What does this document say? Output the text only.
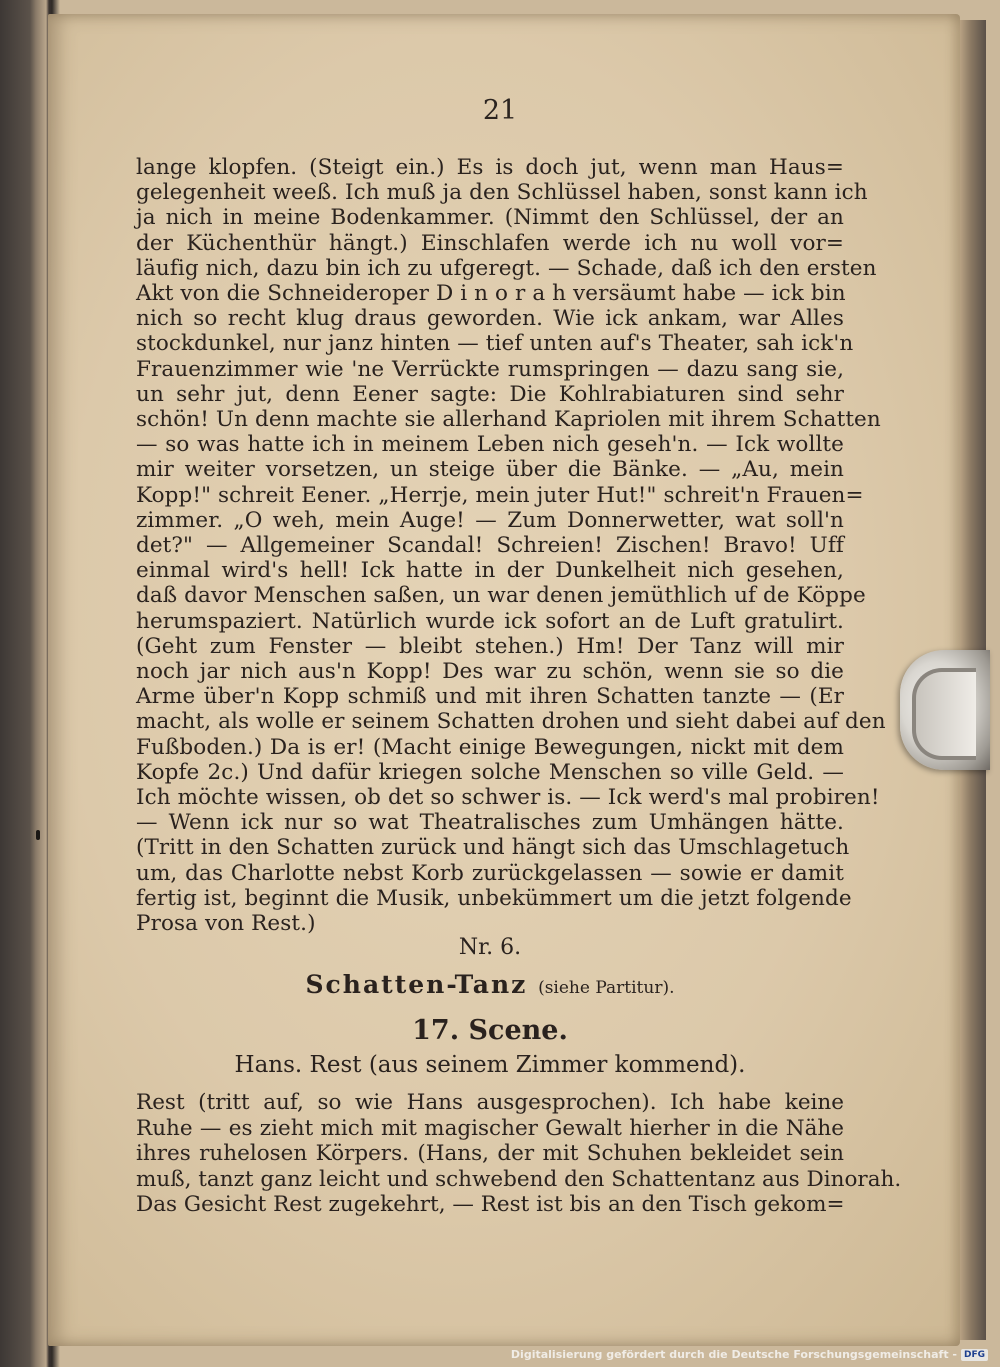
21
lange klopfen. (Steigt ein.) Es is doch jut, wenn man Haus=
gelegenheit weeß. Ich muß ja den Schlüssel haben, sonst kann ich
ja nich in meine Bodenkammer. (Nimmt den Schlüssel, der an
der Küchenthür hängt.) Einschlafen werde ich nu woll vor=
läufig nich, dazu bin ich zu ufgeregt. — Schade, daß ich den ersten
Akt von die Schneideroper D i n o r a h versäumt habe — ick bin
nich so recht klug draus geworden. Wie ick ankam, war Alles
stockdunkel, nur janz hinten — tief unten auf's Theater, sah ick'n
Frauenzimmer wie 'ne Verrückte rumspringen — dazu sang sie,
un sehr jut, denn Eener sagte: Die Kohlrabiaturen sind sehr
schön! Un denn machte sie allerhand Kapriolen mit ihrem Schatten
— so was hatte ich in meinem Leben nich geseh'n. — Ick wollte
mir weiter vorsetzen, un steige über die Bänke. — „Au, mein
Kopp!" schreit Eener. „Herrje, mein juter Hut!" schreit'n Frauen=
zimmer. „O weh, mein Auge! — Zum Donnerwetter, wat soll'n
det?" — Allgemeiner Scandal! Schreien! Zischen! Bravo! Uff
einmal wird's hell! Ick hatte in der Dunkelheit nich gesehen,
daß davor Menschen saßen, un war denen jemüthlich uf de Köppe
herumspaziert. Natürlich wurde ick sofort an de Luft gratulirt.
(Geht zum Fenster — bleibt stehen.) Hm! Der Tanz will mir
noch jar nich aus'n Kopp! Des war zu schön, wenn sie so die
Arme über'n Kopp schmiß und mit ihren Schatten tanzte — (Er
macht, als wolle er seinem Schatten drohen und sieht dabei auf den
Fußboden.) Da is er! (Macht einige Bewegungen, nickt mit dem
Kopfe 2c.) Und dafür kriegen solche Menschen so ville Geld. —
Ich möchte wissen, ob det so schwer is. — Ick werd's mal probiren!
— Wenn ick nur so wat Theatralisches zum Umhängen hätte.
(Tritt in den Schatten zurück und hängt sich das Umschlagetuch
um, das Charlotte nebst Korb zurückgelassen — sowie er damit
fertig ist, beginnt die Musik, unbekümmert um die jetzt folgende
Prosa von Rest.)
Nr. 6.
Schatten-Tanz (siehe Partitur).
17. Scene.
Hans. Rest (aus seinem Zimmer kommend).
Rest (tritt auf, so wie Hans ausgesprochen). Ich habe keine
Ruhe — es zieht mich mit magischer Gewalt hierher in die Nähe
ihres ruhelosen Körpers. (Hans, der mit Schuhen bekleidet sein
muß, tanzt ganz leicht und schwebend den Schattentanz aus Dinorah.
Das Gesicht Rest zugekehrt, — Rest ist bis an den Tisch gekom=
Digitalisierung gefördert durch die Deutsche Forschungsgemeinschaft - DFG
